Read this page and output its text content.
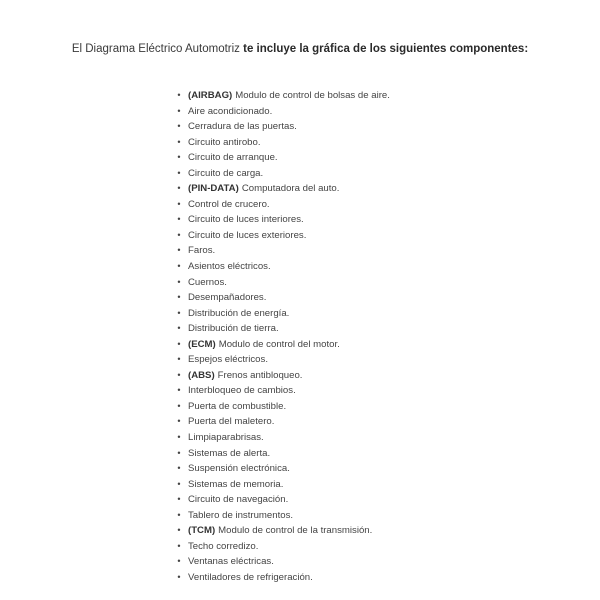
El Diagrama Eléctrico Automotriz te incluye la gráfica de los siguientes componentes:
• (AIRBAG) Modulo de control de bolsas de aire.
• Aire acondicionado.
• Cerradura de las puertas.
• Circuito antirobo.
• Circuito de arranque.
• Circuito de carga.
• (PIN-DATA) Computadora del auto.
• Control de crucero.
• Circuito de luces interiores.
• Circuito de luces exteriores.
• Faros.
• Asientos eléctricos.
• Cuernos.
• Desempañadores.
• Distribución de energía.
• Distribución de tierra.
• (ECM) Modulo de control del motor.
• Espejos eléctricos.
• (ABS) Frenos antibloqueo.
• Interbloqueo de cambios.
• Puerta de combustible.
• Puerta del maletero.
• Limpiaparabrisas.
• Sistemas de alerta.
• Suspensión electrónica.
• Sistemas de memoria.
• Circuito de navegación.
• Tablero de instrumentos.
• (TCM) Modulo de control de la transmisión.
• Techo corredizo.
• Ventanas eléctricas.
• Ventiladores de refrigeración.
